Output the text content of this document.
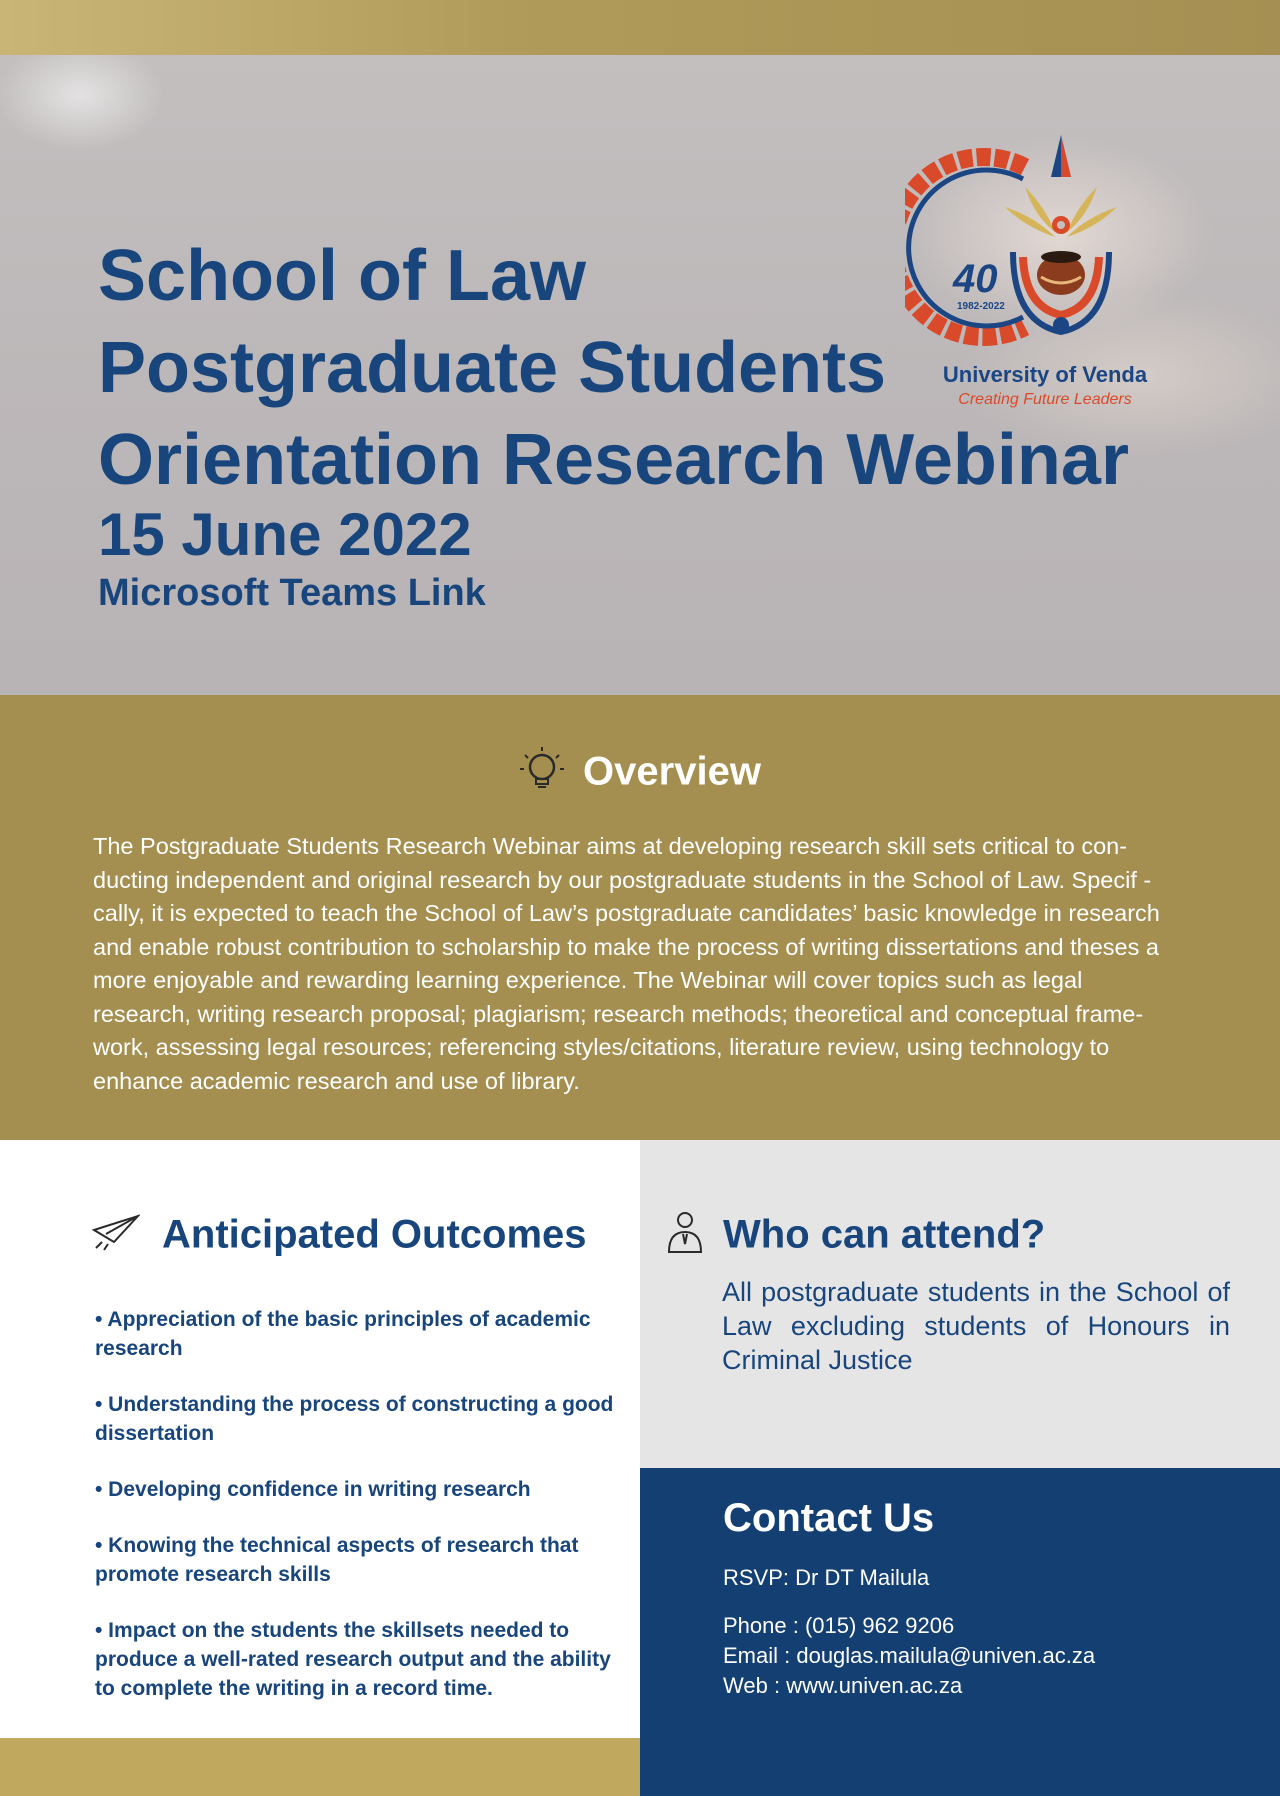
School of Law
Postgraduate Students
Orientation Research Webinar
15 June 2022
Microsoft Teams Link
40
1982-2022
University of Venda
Creating Future Leaders
Overview
The Postgraduate Students Research Webinar aims at developing research skill sets critical to con-ducting independent and original research by our postgraduate students in the School of Law. Specif -cally, it is expected to teach the School of Law’s postgraduate candidates’ basic knowledge in research and enable robust contribution to scholarship to make the process of writing dissertations and theses a more enjoyable and rewarding learning experience. The Webinar will cover topics such as legal research, writing research proposal; plagiarism; research methods; theoretical and conceptual frame-work, assessing legal resources; referencing styles/citations, literature review, using technology to enhance academic research and use of library.
Anticipated Outcomes
• Appreciation of the basic principles of academic research
• Understanding the process of constructing a good dissertation
• Developing confidence in writing research
• Knowing the technical aspects of research that promote research skills
• Impact on the students the skillsets needed to produce a well-rated research output and the ability to complete the writing in a record time.
Who can attend?
All postgraduate students in the School of Law excluding students of Honours in Criminal Justice
Contact Us
RSVP: Dr DT Mailula
Phone : (015) 962 9206
Email : douglas.mailula@univen.ac.za
Web : www.univen.ac.za
